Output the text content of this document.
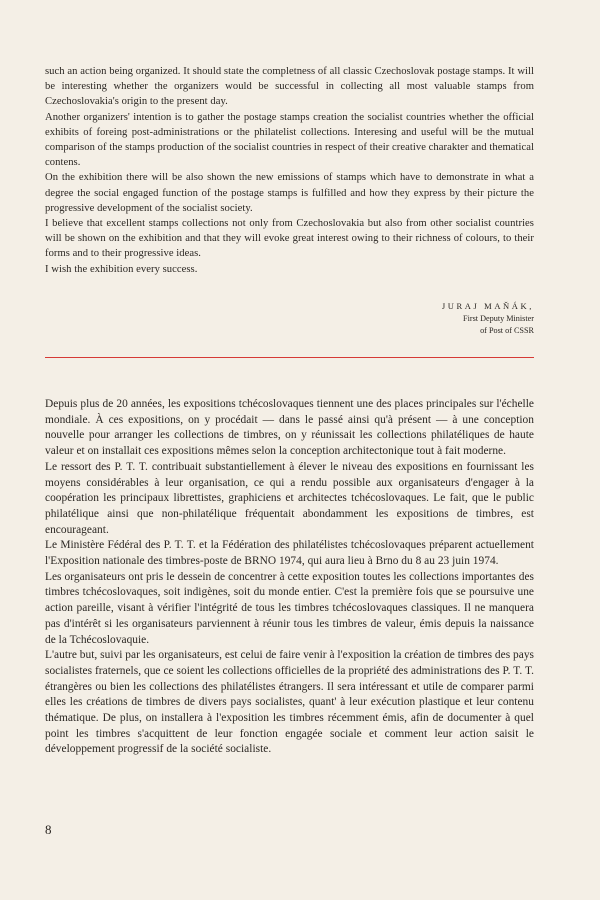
such an action being organized. It should state the completness of all classic Czechoslovak postage stamps. It will be interesting whether the organizers would be successful in collecting all most valuable stamps from Czechoslovakia's origin to the present day.

Another organizers' intention is to gather the postage stamps creation the socialist countries whether the official exhibits of foreing post-administrations or the philatelist collections. Interesing and useful will be the mutual comparison of the stamps production of the socialist countries in respect of their creative charakter and thematical contens.

On the exhibition there will be also shown the new emissions of stamps which have to demonstrate in what a degree the social engaged function of the postage stamps is fulfilled and how they express by their picture the progressive development of the socialist society.

I believe that excellent stamps collections not only from Czechoslovakia but also from other socialist countries will be shown on the exhibition and that they will evoke great interest owing to their richness of colours, to their forms and to their progressive ideas.

I wish the exhibition every success.

JURAJ MAŇÁK,
First Deputy Minister
of Post of CSSR

Depuis plus de 20 années, les expositions tchécoslovaques tiennent une des places principales sur l'échelle mondiale. À ces expositions, on y procédait — dans le passé ainsi qu'à présent — à une conception nouvelle pour arranger les collections de timbres, on y réunissait les collections philatéliques de haute valeur et on installait ces expositions mêmes selon la conception architectonique tout à fait moderne.

Le ressort des P. T. T. contribuait substantiellement à élever le niveau des expositions en fournissant les moyens considérables à leur organisation, ce qui a rendu possible aux organisateurs d'engager à la coopération les principaux librettistes, graphiciens et architectes tchécoslovaques. Le fait, que le public philatélique ainsi que non-philatélique fréquentait abondamment les expositions de timbres, est encourageant.

Le Ministère Fédéral des P. T. T. et la Fédération des philatélistes tchécoslovaques préparent actuellement l'Exposition nationale des timbres-poste de BRNO 1974, qui aura lieu à Brno du 8 au 23 juin 1974.

Les organisateurs ont pris le dessein de concentrer à cette exposition toutes les collections importantes des timbres tchécoslovaques, soit indigènes, soit du monde entier. C'est la première fois que se poursuive une action pareille, visant à vérifier l'intégrité de tous les timbres tchécoslovaques classiques. Il ne manquera pas d'intérêt si les organisateurs parviennent à réunir tous les timbres de valeur, émis depuis la naissance de la Tchécoslovaquie.

L'autre but, suivi par les organisateurs, est celui de faire venir à l'exposition la création de timbres des pays socialistes fraternels, que ce soient les collections officielles de la propriété des administrations des P. T. T. étrangères ou bien les collections des philatélistes étrangers. Il sera intéressant et utile de comparer parmi elles les créations de timbres de divers pays socialistes, quant' à leur exécution plastique et leur contenu thématique. De plus, on installera à l'exposition les timbres récemment émis, afin de documenter à quel point les timbres s'acquittent de leur fonction engagée sociale et comment leur action saisit le développement progressif de la société socialiste.

8
